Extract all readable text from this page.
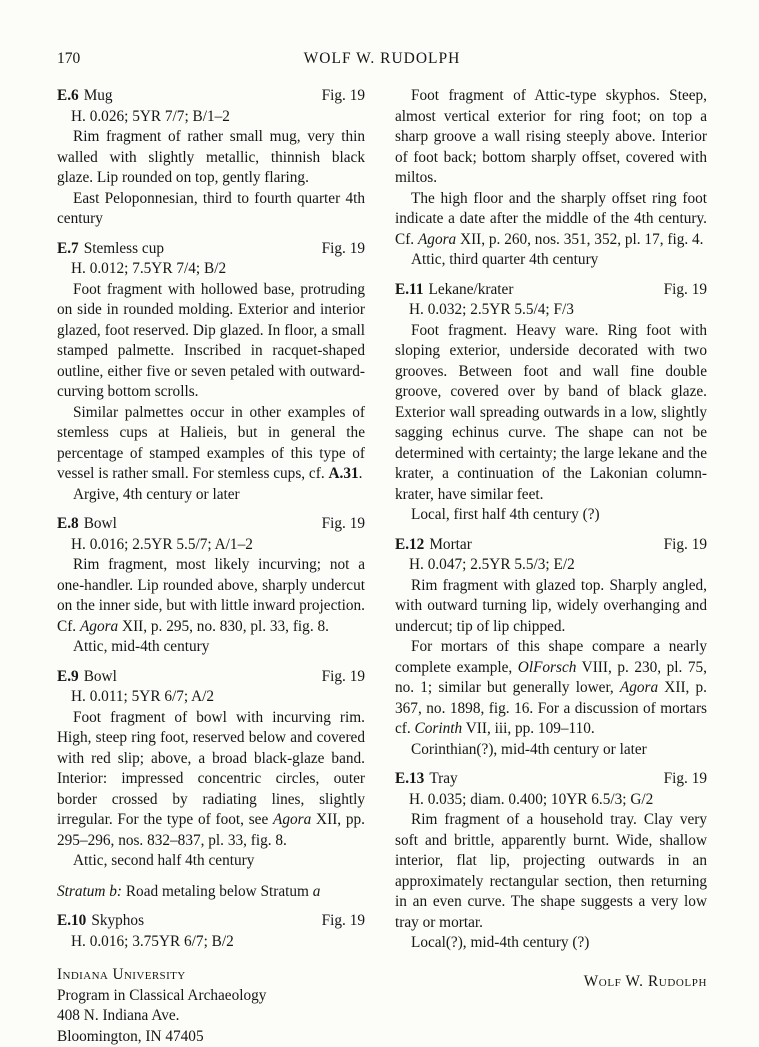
170	WOLF W. RUDOLPH
E.6 Mug	Fig. 19
H. 0.026; 5YR 7/7; B/1–2

Rim fragment of rather small mug, very thin walled with slightly metallic, thinnish black glaze. Lip rounded on top, gently flaring.

East Peloponnesian, third to fourth quarter 4th century

E.7 Stemless cup	Fig. 19
H. 0.012; 7.5YR 7/4; B/2

Foot fragment with hollowed base, protruding on side in rounded molding. Exterior and interior glazed, foot reserved. Dip glazed. In floor, a small stamped palmette. Inscribed in racquet-shaped outline, either five or seven petaled with outward-curving bottom scrolls.

Similar palmettes occur in other examples of stemless cups at Halieis, but in general the percentage of stamped examples of this type of vessel is rather small. For stemless cups, cf. A.31.

Argive, 4th century or later

E.8 Bowl	Fig. 19
H. 0.016; 2.5YR 5.5/7; A/1–2

Rim fragment, most likely incurving; not a one-handler. Lip rounded above, sharply undercut on the inner side, but with little inward projection. Cf. Agora XII, p. 295, no. 830, pl. 33, fig. 8.

Attic, mid-4th century

E.9 Bowl	Fig. 19
H. 0.011; 5YR 6/7; A/2

Foot fragment of bowl with incurving rim. High, steep ring foot, reserved below and covered with red slip; above, a broad black-glaze band. Interior: impressed concentric circles, outer border crossed by radiating lines, slightly irregular. For the type of foot, see Agora XII, pp. 295–296, nos. 832–837, pl. 33, fig. 8.

Attic, second half 4th century

Stratum b: Road metaling below Stratum a
E.10 Skyphos	Fig. 19
H. 0.016; 3.75YR 6/7; B/2
Indiana University
Program in Classical Archaeology
408 N. Indiana Ave.
Bloomington, IN 47405

Foot fragment of Attic-type skyphos. Steep, almost vertical exterior for ring foot; on top a sharp groove a wall rising steeply above. Interior of foot back; bottom sharply offset, covered with miltos.

The high floor and the sharply offset ring foot indicate a date after the middle of the 4th century. Cf. Agora XII, p. 260, nos. 351, 352, pl. 17, fig. 4.

Attic, third quarter 4th century

E.11 Lekane/krater	Fig. 19
H. 0.032; 2.5YR 5.5/4; F/3

Foot fragment. Heavy ware. Ring foot with sloping exterior, underside decorated with two grooves. Between foot and wall fine double groove, covered over by band of black glaze. Exterior wall spreading outwards in a low, slightly sagging echinus curve. The shape can not be determined with certainty; the large lekane and the krater, a continuation of the Lakonian column-krater, have similar feet.

Local, first half 4th century (?)

E.12 Mortar	Fig. 19
H. 0.047; 2.5YR 5.5/3; E/2

Rim fragment with glazed top. Sharply angled, with outward turning lip, widely overhanging and undercut; tip of lip chipped.

For mortars of this shape compare a nearly complete example, OlForsch VIII, p. 230, pl. 75, no. 1; similar but generally lower, Agora XII, p. 367, no. 1898, fig. 16. For a discussion of mortars cf. Corinth VII, iii, pp. 109–110.

Corinthian(?), mid-4th century or later

E.13 Tray	Fig. 19
H. 0.035; diam. 0.400; 10YR 6.5/3; G/2

Rim fragment of a household tray. Clay very soft and brittle, apparently burnt. Wide, shallow interior, flat lip, projecting outwards in an approximately rectangular section, then returning in an even curve. The shape suggests a very low tray or mortar.

Local(?), mid-4th century (?)

Wolf W. Rudolph
